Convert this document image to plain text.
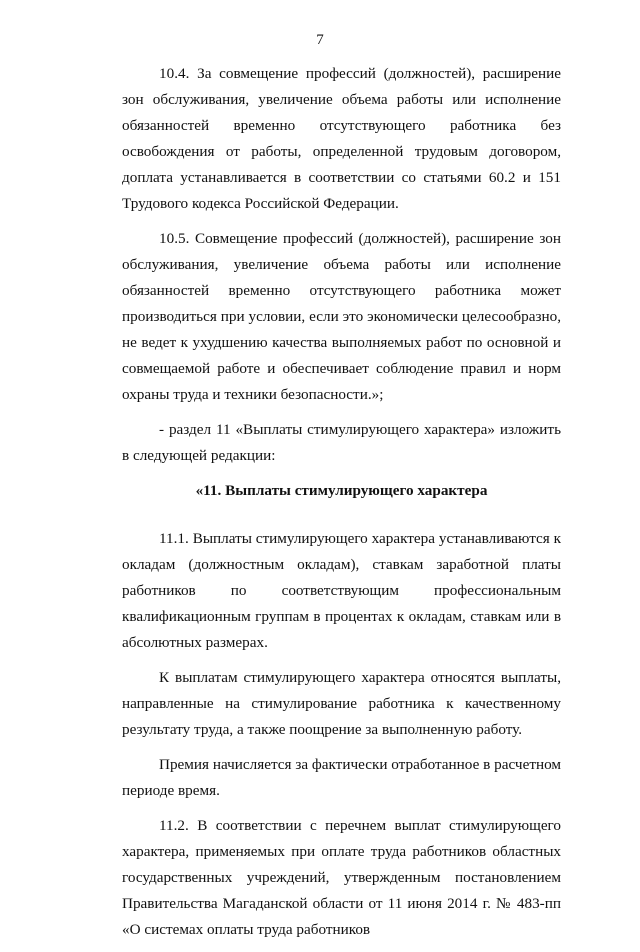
7

10.4. За совмещение профессий (должностей), расширение зон обслуживания, увеличение объема работы или исполнение обязанностей временно отсутствующего работника без освобождения от работы, определенной трудовым договором, доплата устанавливается в соответствии со статьями 60.2 и 151 Трудового кодекса Российской Федерации.

10.5. Совмещение профессий (должностей), расширение зон обслуживания, увеличение объема работы или исполнение обязанностей временно отсутствующего работника может производиться при условии, если это экономически целесообразно, не ведет к ухудшению качества выполняемых работ по основной и совмещаемой работе и обеспечивает соблюдение правил и норм охраны труда и техники безопасности.»;

- раздел 11 «Выплаты стимулирующего характера» изложить в следующей редакции:

«11. Выплаты стимулирующего характера

11.1. Выплаты стимулирующего характера устанавливаются к окладам (должностным окладам), ставкам заработной платы работников по соответствующим профессиональным квалификационным группам в процентах к окладам, ставкам или в абсолютных размерах.

К выплатам стимулирующего характера относятся выплаты, направленные на стимулирование работника к качественному результату труда, а также поощрение за выполненную работу.

Премия начисляется за фактически отработанное в расчетном периоде время.

11.2. В соответствии с перечнем выплат стимулирующего характера, применяемых при оплате труда работников областных государственных учреждений, утвержденным постановлением Правительства Магаданской области от 11 июня 2014 г. № 483-пп «О системах оплаты труда работников
